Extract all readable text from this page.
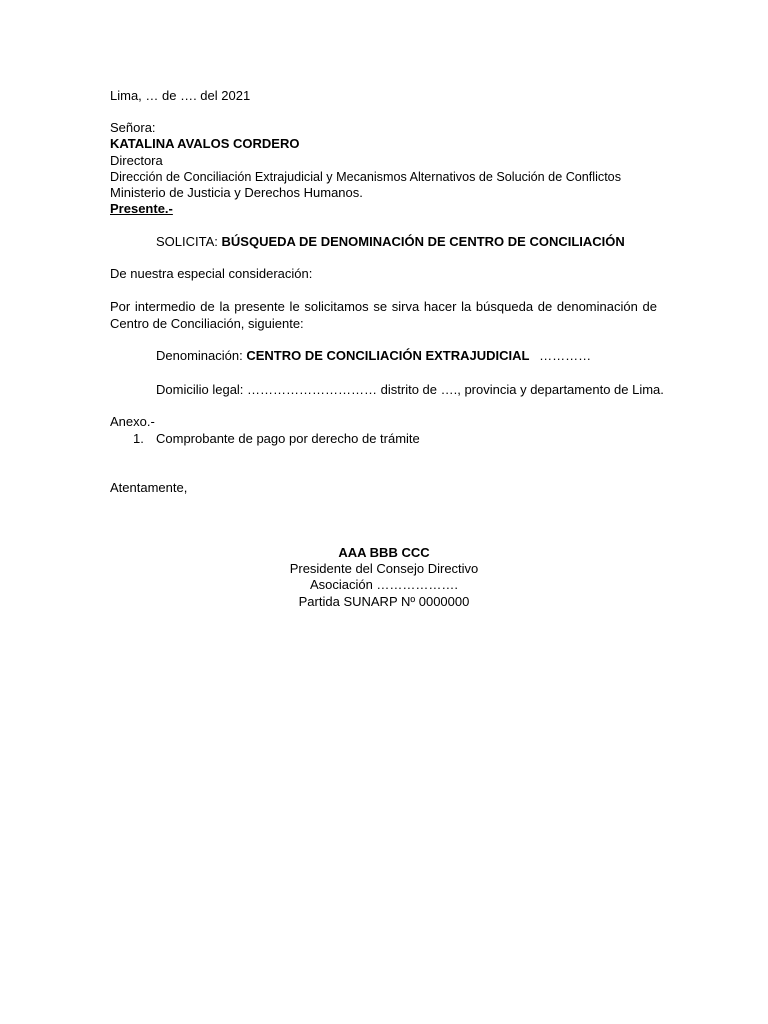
Lima, … de …. del 2021
Señora:
KATALINA AVALOS CORDERO
Directora
Dirección de Conciliación Extrajudicial y Mecanismos Alternativos de Solución de Conflictos
Ministerio de Justicia y Derechos Humanos.
Presente.-
SOLICITA: BÚSQUEDA DE DENOMINACIÓN DE CENTRO DE CONCILIACIÓN
De nuestra especial consideración:
Por intermedio de la presente le solicitamos se sirva hacer la búsqueda de denominación de Centro de Conciliación, siguiente:
Denominación: CENTRO DE CONCILIACIÓN EXTRAJUDICIAL …………
Domicilio legal: ………………………… distrito de …., provincia y departamento de Lima.
Anexo.-
1. Comprobante de pago por derecho de trámite
Atentamente,
AAA BBB CCC
Presidente del Consejo Directivo
Asociación ……………….
Partida SUNARP Nº 0000000
